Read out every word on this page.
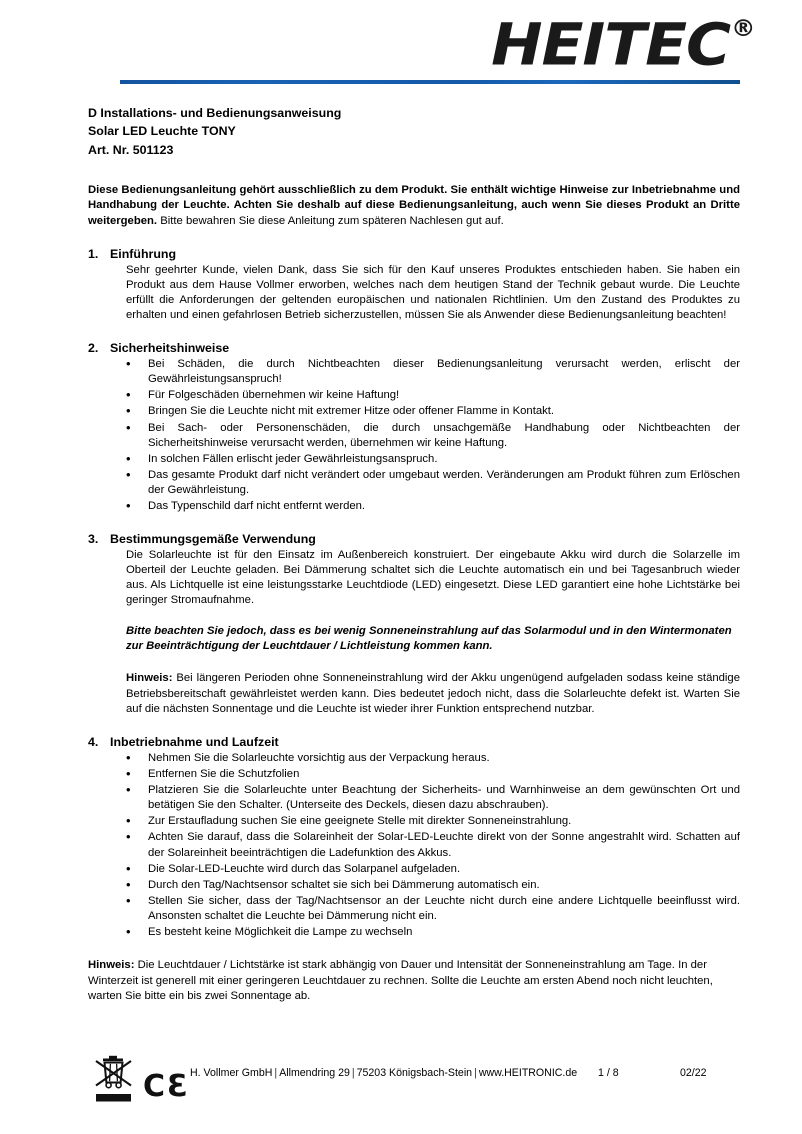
HEITEC®
D Installations- und Bedienungsanweisung
Solar LED Leuchte TONY
Art. Nr. 501123

Diese Bedienungsanleitung gehört ausschließlich zu dem Produkt. Sie enthält wichtige Hinweise zur Inbetriebnahme und Handhabung der Leuchte. Achten Sie deshalb auf diese Bedienungsanleitung, auch wenn Sie dieses Produkt an Dritte weitergeben. Bitte bewahren Sie diese Anleitung zum späteren Nachlesen gut auf.

1. Einführung

Sehr geehrter Kunde, vielen Dank, dass Sie sich für den Kauf unseres Produktes entschieden haben. Sie haben ein Produkt aus dem Hause Vollmer erworben, welches nach dem heutigen Stand der Technik gebaut wurde. Die Leuchte erfüllt die Anforderungen der geltenden europäischen und nationalen Richtlinien. Um den Zustand des Produktes zu erhalten und einen gefahrlosen Betrieb sicherzustellen, müssen Sie als Anwender diese Bedienungsanleitung beachten!

2. Sicherheitshinweise
• Bei Schäden, die durch Nichtbeachten dieser Bedienungsanleitung verursacht werden, erlischt der Gewährleistungsanspruch!
• Für Folgeschäden übernehmen wir keine Haftung!
• Bringen Sie die Leuchte nicht mit extremer Hitze oder offener Flamme in Kontakt.
• Bei Sach- oder Personenschäden, die durch unsachgemäße Handhabung oder Nichtbeachten der Sicherheitshinweise verursacht werden, übernehmen wir keine Haftung.
• In solchen Fällen erlischt jeder Gewährleistungsanspruch.
• Das gesamte Produkt darf nicht verändert oder umgebaut werden. Veränderungen am Produkt führen zum Erlöschen der Gewährleistung.
• Das Typenschild darf nicht entfernt werden.
3. Bestimmungsgemäße Verwendung

Die Solarleuchte ist für den Einsatz im Außenbereich konstruiert. Der eingebaute Akku wird durch die Solarzelle im Oberteil der Leuchte geladen. Bei Dämmerung schaltet sich die Leuchte automatisch ein und bei Tagesanbruch wieder aus. Als Lichtquelle ist eine leistungsstarke Leuchtdiode (LED) eingesetzt. Diese LED garantiert eine hohe Lichtstärke bei geringer Stromaufnahme.

Bitte beachten Sie jedoch, dass es bei wenig Sonneneinstrahlung auf das Solarmodul und in den Wintermonaten zur Beeinträchtigung der Leuchtdauer / Lichtleistung kommen kann.

Hinweis: Bei längeren Perioden ohne Sonneneinstrahlung wird der Akku ungenügend aufgeladen sodass keine ständige Betriebsbereitschaft gewährleistet werden kann. Dies bedeutet jedoch nicht, dass die Solarleuchte defekt ist. Warten Sie auf die nächsten Sonnentage und die Leuchte ist wieder ihrer Funktion entsprechend nutzbar.

4. Inbetriebnahme und Laufzeit
• Nehmen Sie die Solarleuchte vorsichtig aus der Verpackung heraus.
• Entfernen Sie die Schutzfolien
• Platzieren Sie die Solarleuchte unter Beachtung der Sicherheits- und Warnhinweise an dem gewünschten Ort und betätigen Sie den Schalter. (Unterseite des Deckels, diesen dazu abschrauben).
• Zur Erstaufladung suchen Sie eine geeignete Stelle mit direkter Sonneneinstrahlung.
• Achten Sie darauf, dass die Solareinheit der Solar-LED-Leuchte direkt von der Sonne angestrahlt wird. Schatten auf der Solareinheit beeinträchtigen die Ladefunktion des Akkus.
• Die Solar-LED-Leuchte wird durch das Solarpanel aufgeladen.
• Durch den Tag/Nachtsensor schaltet sie sich bei Dämmerung automatisch ein.
• Stellen Sie sicher, dass der Tag/Nachtsensor an der Leuchte nicht durch eine andere Lichtquelle beeinflusst wird. Ansonsten schaltet die Leuchte bei Dämmerung nicht ein.
• Es besteht keine Möglichkeit die Lampe zu wechseln

Hinweis: Die Leuchtdauer / Lichtstärke ist stark abhängig von Dauer und Intensität der Sonneneinstrahlung am Tage. In der Winterzeit ist generell mit einer geringeren Leuchtdauer zu rechnen. Sollte die Leuchte am ersten Abend noch nicht leuchten, warten Sie bitte ein bis zwei Sonnentage ab.

CƐ H. Vollmer GmbH | Allmendring 29 | 75203 Königsbach-Stein | www.HEITRONIC.de 1 / 8	02/22
